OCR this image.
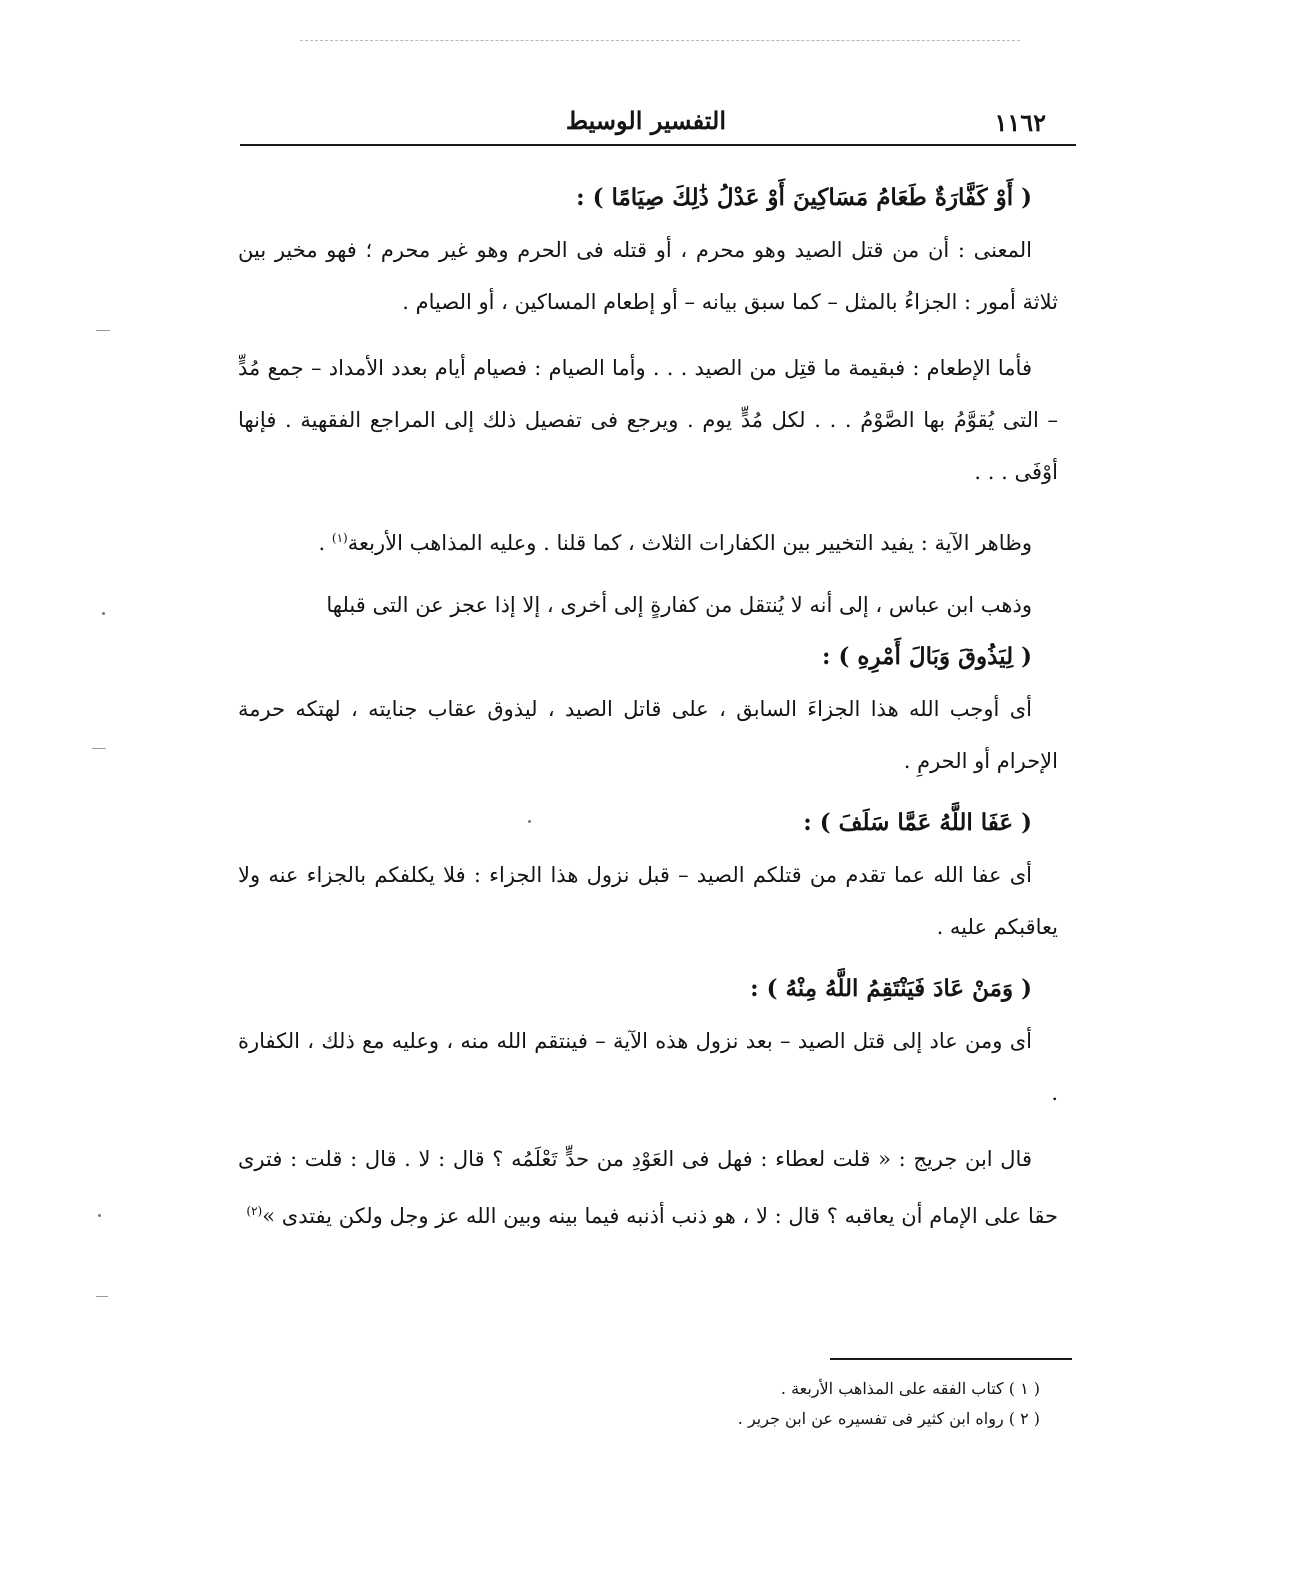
١١٦٢
التفسير الوسيط

( أَوْ كَفَّارَةٌ طَعَامُ مَسَاكِينَ أَوْ عَدْلُ ذَٰلِكَ صِيَامًا ) :

المعنى : أن من قتل الصيد وهو محرم ، أو قتله فى الحرم وهو غير محرم ؛ فهو مخير بين ثلاثة أمور : الجزاءُ بالمثل – كما سبق بيانه – أو إطعام المساكين ، أو الصيام .

فأما الإطعام : فبقيمة ما قتِل من الصيد . . . وأما الصيام : فصيام أيام بعدد الأمداد – جمع مُدٍّ – التى يُقوَّمُ بها الصَّوْمُ . . . لكل مُدٍّ يوم . ويرجع فى تفصيل ذلك إلى المراجع الفقهية . فإنها أوْفَى . . .

وظاهر الآية : يفيد التخيير بين الكفارات الثلاث ، كما قلنا . وعليه المذاهب الأربعة$^{(١)}$ .

وذهب ابن عباس ، إلى أنه لا يُنتقل من كفارةٍ إلى أخرى ، إلا إذا عجز عن التى قبلها

( لِيَذُوقَ وَبَالَ أَمْرِهِ ) :

أى أوجب الله هذا الجزاءَ السابق ، على قاتل الصيد ، ليذوق عقاب جنايته ، لهتكه حرمة الإحرام أو الحرمِ .

( عَفَا اللَّهُ عَمَّا سَلَفَ ) :

أى عفا الله عما تقدم من قتلكم الصيد – قبل نزول هذا الجزاء : فلا يكلفكم بالجزاء عنه ولا يعاقبكم عليه .

( وَمَنْ عَادَ فَيَنْتَقِمُ اللَّهُ مِنْهُ ) :

أى ومن عاد إلى قتل الصيد – بعد نزول هذه الآية – فينتقم الله منه ، وعليه مع ذلك ، الكفارة .

قال ابن جريج : « قلت لعطاء : فهل فى العَوْدِ من حدٍّ تَعْلَمُه ؟ قال : لا . قال : قلت : فترى حقا على الإمام أن يعاقبه ؟ قال : لا ، هو ذنب أذنبه فيما بينه وبين الله عز وجل ولكن يفتدى »$^{(٢)}$

( ١ ) كتاب الفقه على المذاهب الأربعة .
( ٢ ) رواه ابن كثير فى تفسيره عن ابن جرير .
